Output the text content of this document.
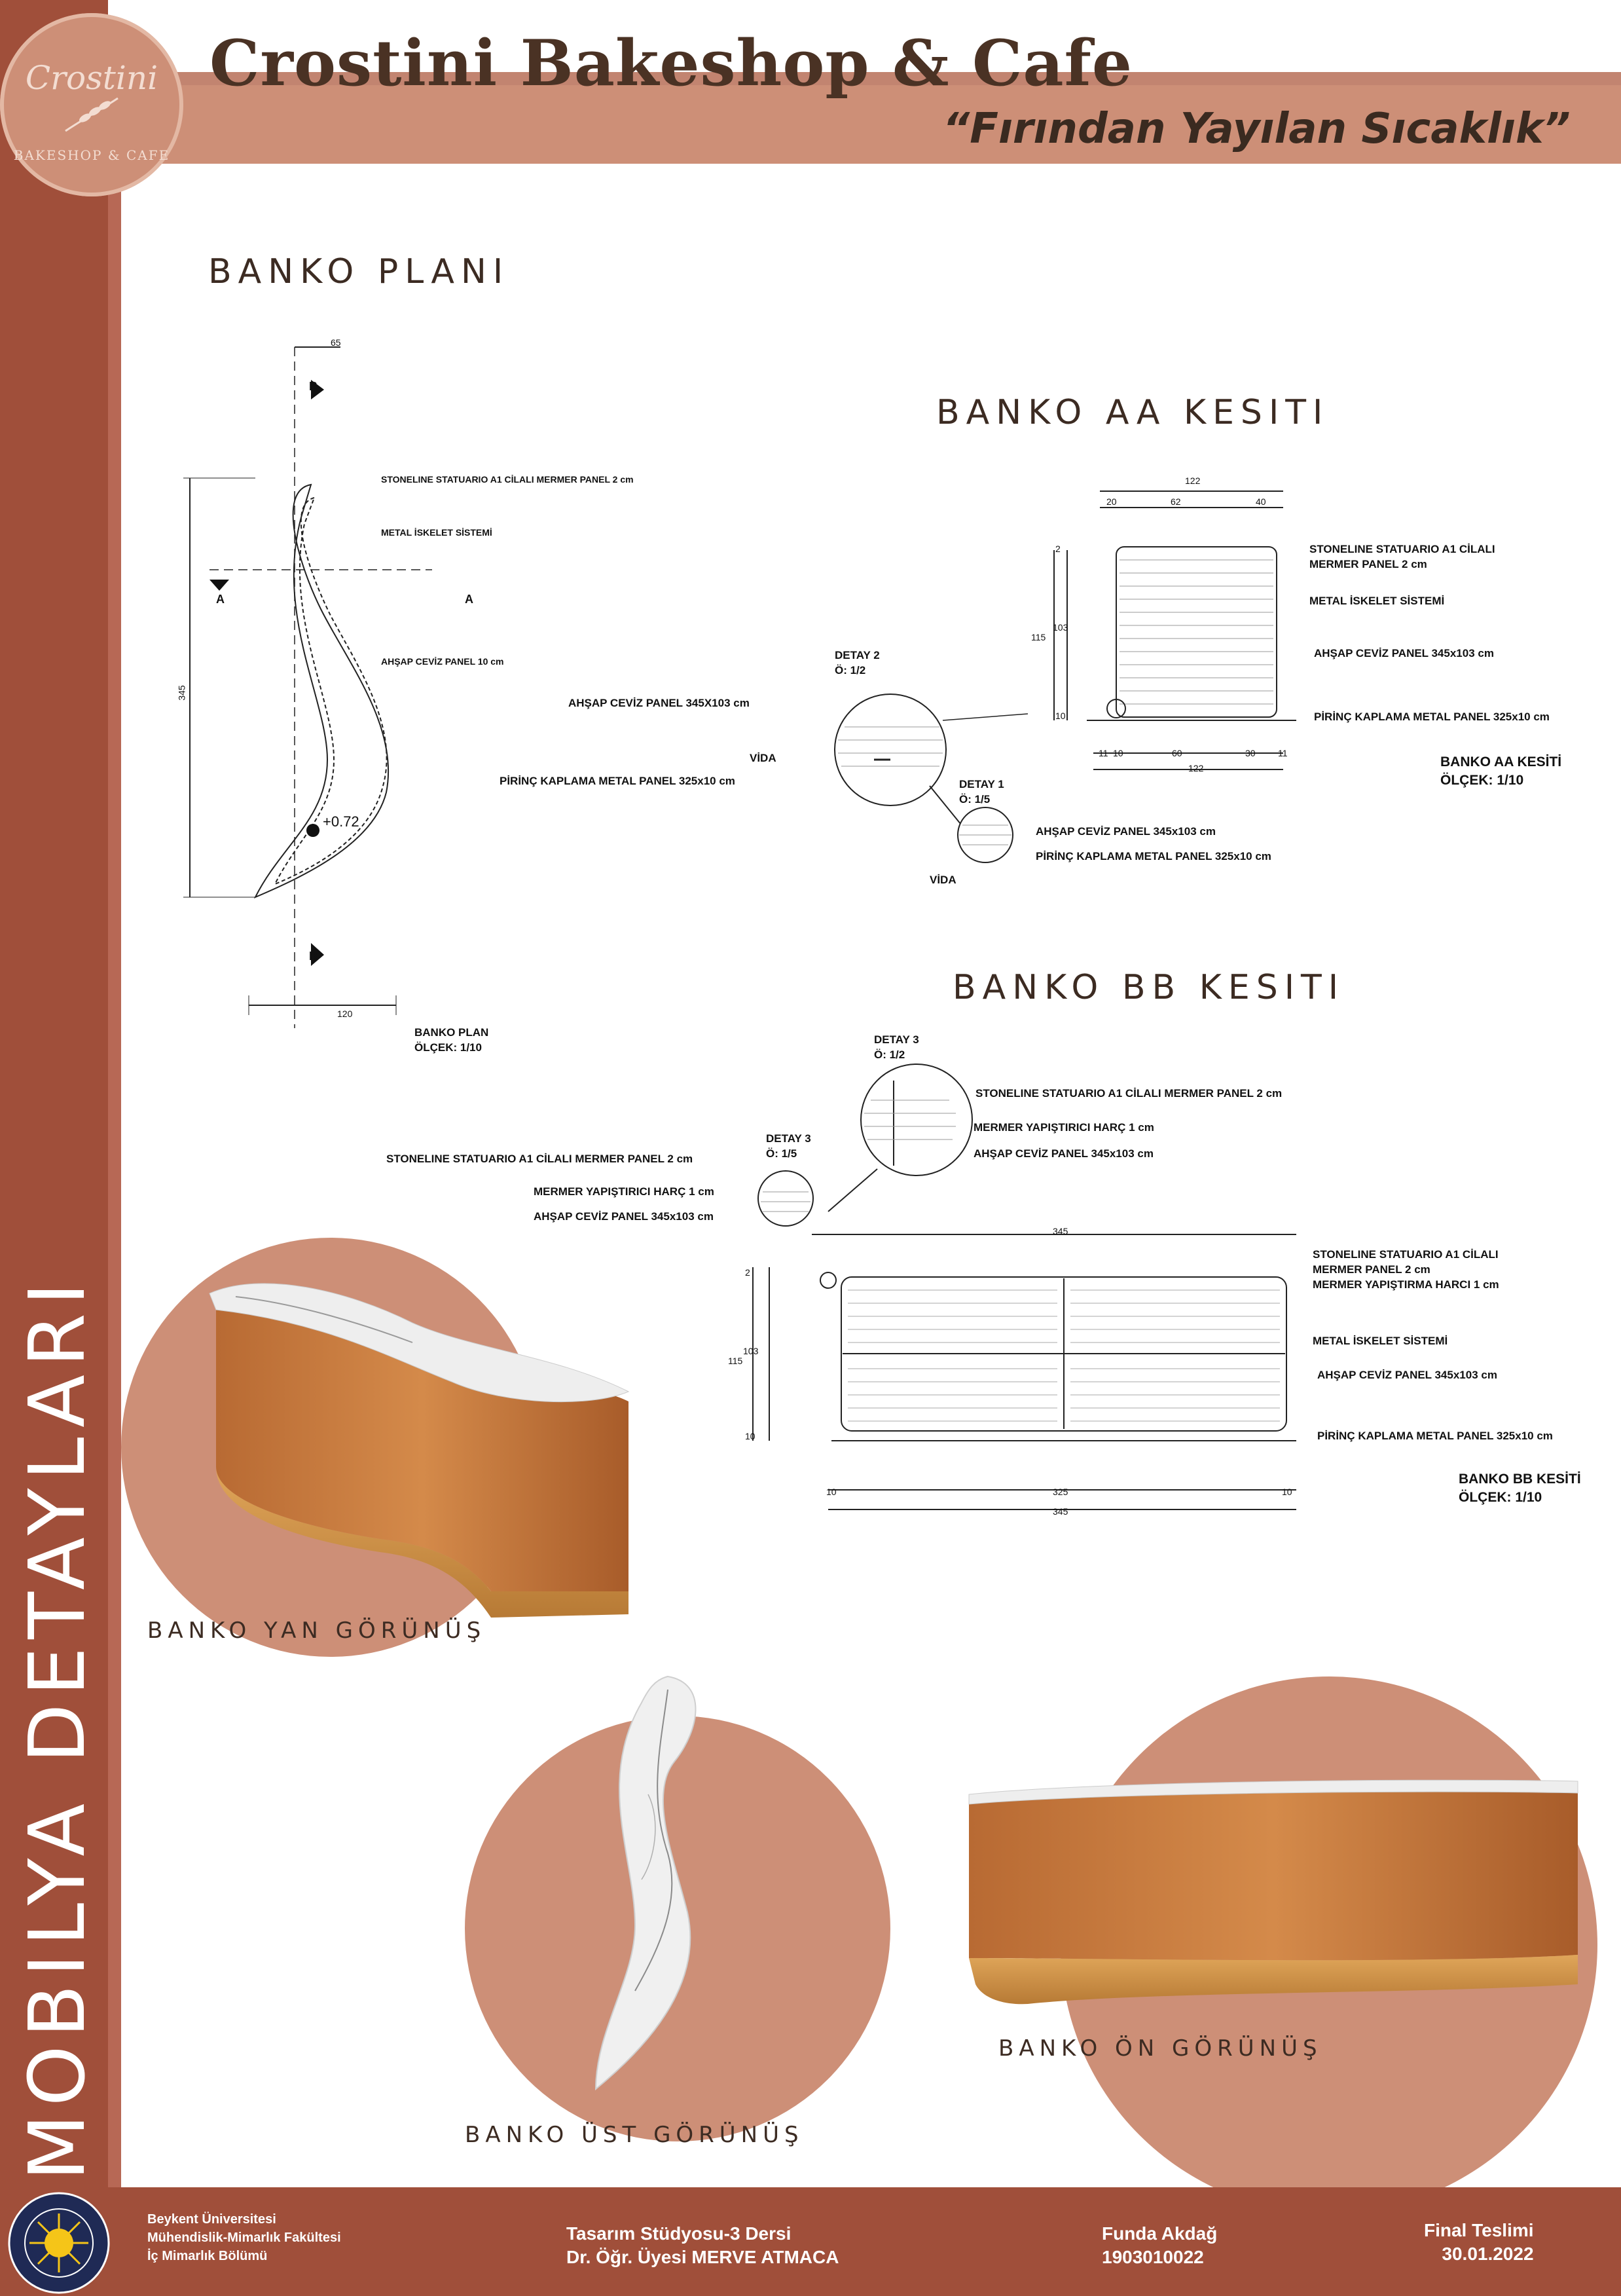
Crostini
BAKESHOP & CAFE
Crostini Bakeshop & Cafe
“Fırından Yayılan Sıcaklık”
MOBILYA DETAYLARI
BANKO PLANI
BANKO AA KESITI
BANKO BB KESITI
65
345
120
B
B
A	A
STONELINE STATUARIO A1 CİLALI MERMER PANEL 2 cm
METAL İSKELET SİSTEMİ
AHŞAP CEVİZ PANEL 10 cm
+0.72
BANKO PLAN
ÖLÇEK: 1/10
122
20	62	40
11 10	60	30 11
122
2
103
115
10
STONELINE STATUARIO A1 CİLALI
MERMER PANEL 2 cm
METAL İSKELET SİSTEMİ
AHŞAP CEVİZ PANEL 345x103 cm
PİRİNÇ KAPLAMA METAL PANEL 325x10 cm
BANKO AA KESİTİ
ÖLÇEK: 1/10
DETAY 2
Ö: 1/2
AHŞAP CEVİZ PANEL 345X103 cm
VİDA
PİRİNÇ KAPLAMA METAL PANEL 325x10 cm	DETAY 1
Ö: 1/5
AHŞAP CEVİZ PANEL 345x103 cm
PİRİNÇ KAPLAMA METAL PANEL 325x10 cm
VİDA
345
10	325	10
345
2
103
115
10
STONELINE STATUARIO A1 CİLALI
MERMER PANEL 2 cm
MERMER YAPIŞTIRMA HARCI 1 cm
METAL İSKELET SİSTEMİ
AHŞAP CEVİZ PANEL 345x103 cm
PİRİNÇ KAPLAMA METAL PANEL 325x10 cm
BANKO BB KESİTİ
ÖLÇEK: 1/10
DETAY 3
Ö: 1/2
STONELINE STATUARIO A1 CİLALI MERMER PANEL 2 cm
MERMER YAPIŞTIRICI HARÇ 1 cm
AHŞAP CEVİZ PANEL 345x103 cm
DETAY 3
Ö: 1/5
STONELINE STATUARIO A1 CİLALI MERMER PANEL 2 cm
MERMER YAPIŞTIRICI HARÇ 1 cm
AHŞAP CEVİZ PANEL 345x103 cm
BANKO YAN GÖRÜNÜŞ
BANKO ÜST GÖRÜNÜŞ
BANKO ÖN GÖRÜNÜŞ
Beykent Üniversitesi
Mühendislik-Mimarlık Fakültesi
İç Mimarlık Bölümü
Tasarım Stüdyosu-3 Dersi
Dr. Öğr. Üyesi MERVE ATMACA
Funda Akdağ
1903010022
Final Teslimi
30.01.2022
